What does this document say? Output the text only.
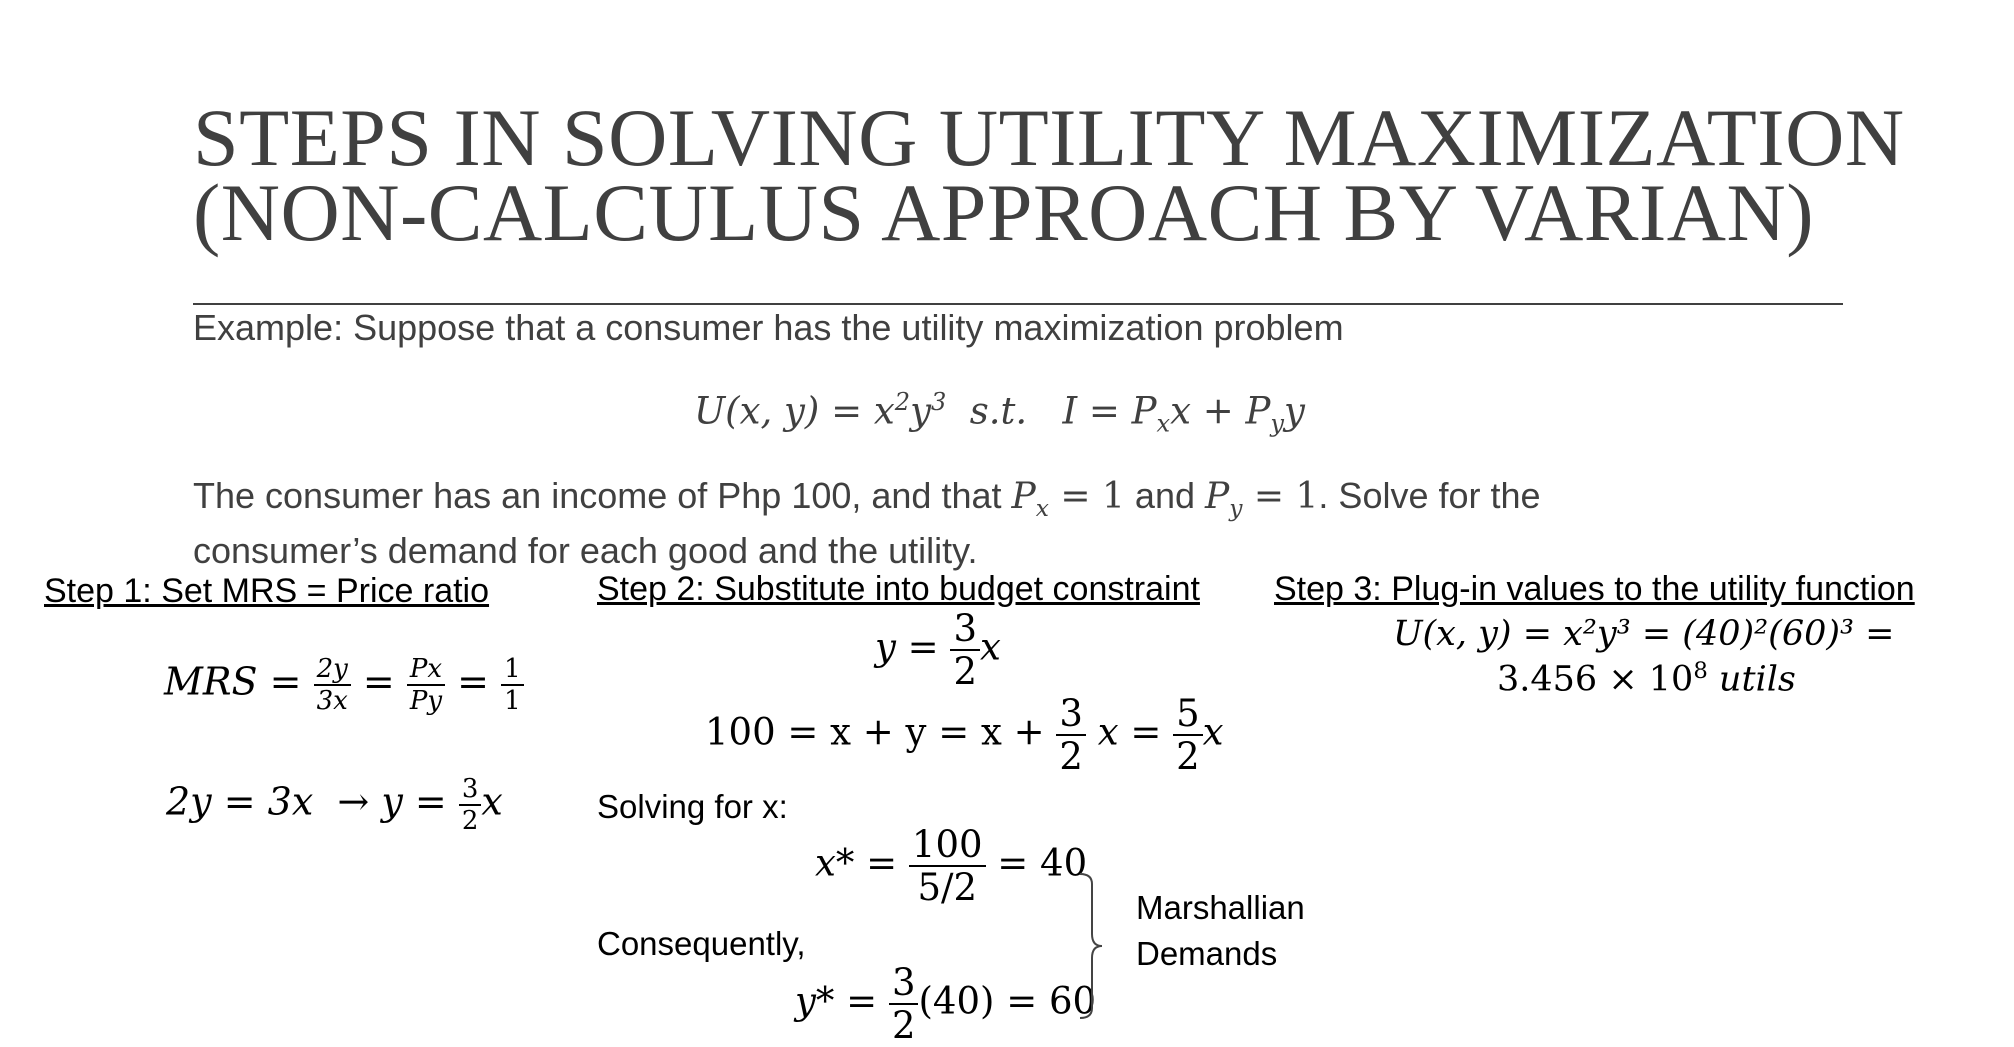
STEPS IN SOLVING UTILITY MAXIMIZATION
(NON-CALCULUS APPROACH BY VARIAN)
Example: Suppose that a consumer has the utility maximization problem
U(x, $y) = x^2y^3$  s.t.   $I = P_xx + P_yy$
The consumer has an income of Php 100, and that $P_x = 1$ and $P_y = 1$. Solve for the
consumer’s demand for each good and the utility.
Step 1: Set MRS = Price ratio
MRS = $\frac{2y}{3x} = \frac{Px}{Py} = \frac{1}{1}$
$2y = 3x \to y = \frac{3}{2}$ x
Step 2: Substitute into budget constraint
$y = \frac{3}{2}$ x
$100 = x + y = x + \frac{3}{2}$ $x = \frac{5}{2}$ x
Solving for x:
$x* = \frac{100}{5/2} = 40$
Consequently,
$y* = \frac{3}{2} (40) = 60$
Marshallian
Demands
Step 3: Plug-in values to the utility function
U(x, y) = x²y³ = (40)²(60)³ =
$3.456 \times 10^8$ utils
